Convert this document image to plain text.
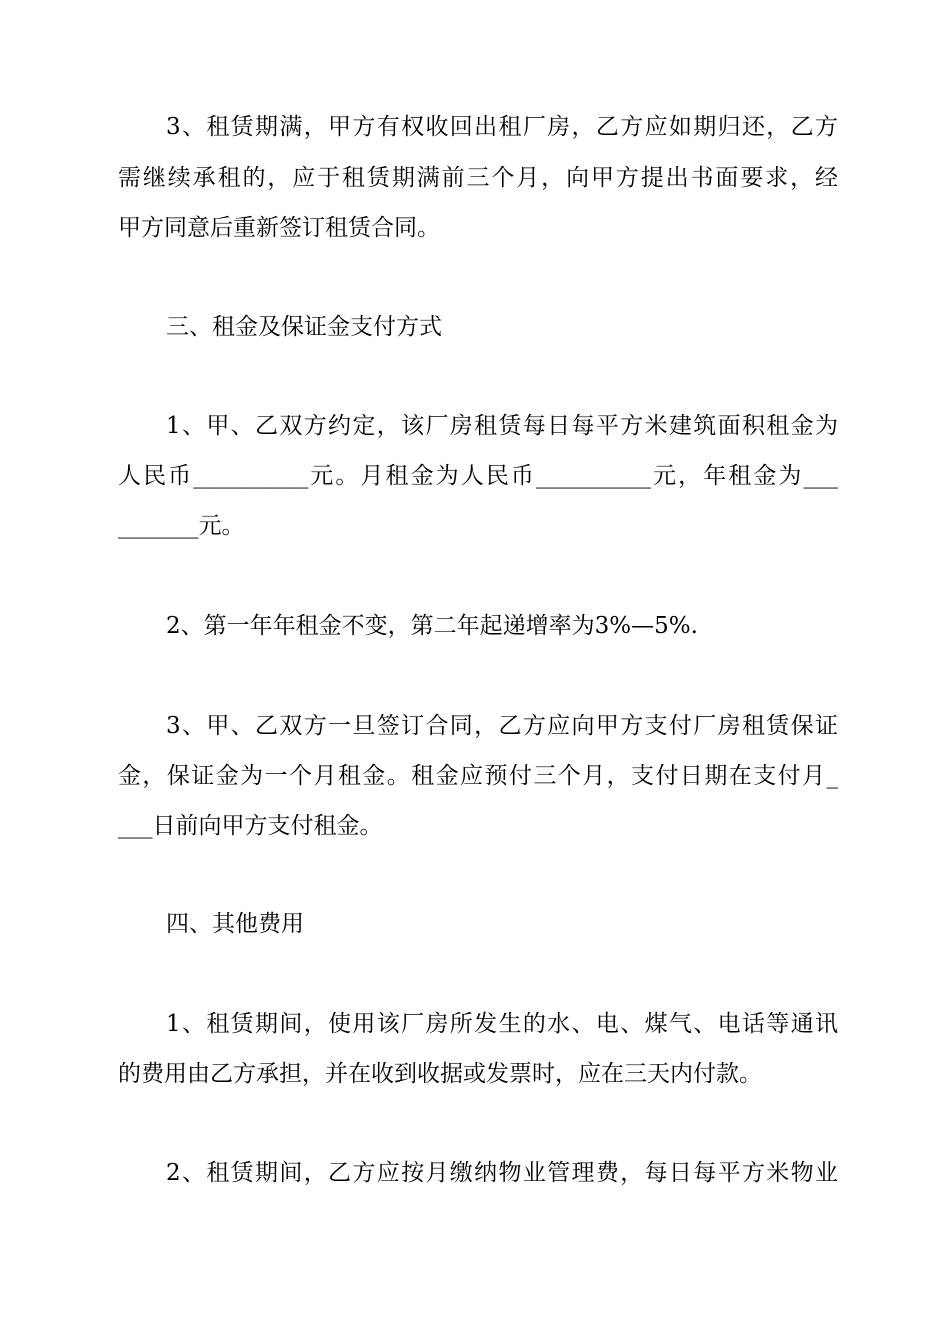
3、租赁期满，甲方有权收回出租厂房，乙方应如期归还，乙方
需继续承租的，应于租赁期满前三个月，向甲方提出书面要求，经
甲方同意后重新签订租赁合同。
三、租金及保证金支付方式
1、甲、乙双方约定，该厂房租赁每日每平方米建筑面积租金为
人民币__________元。月租金为人民币__________元，年租金为___
_______元。
2、第一年年租金不变，第二年起递增率为3%—5%.
3、甲、乙双方一旦签订合同，乙方应向甲方支付厂房租赁保证
金，保证金为一个月租金。租金应预付三个月，支付日期在支付月_
___日前向甲方支付租金。
四、其他费用
1、租赁期间，使用该厂房所发生的水、电、煤气、电话等通讯
的费用由乙方承担，并在收到收据或发票时，应在三天内付款。
2、租赁期间，乙方应按月缴纳物业管理费，每日每平方米物业
